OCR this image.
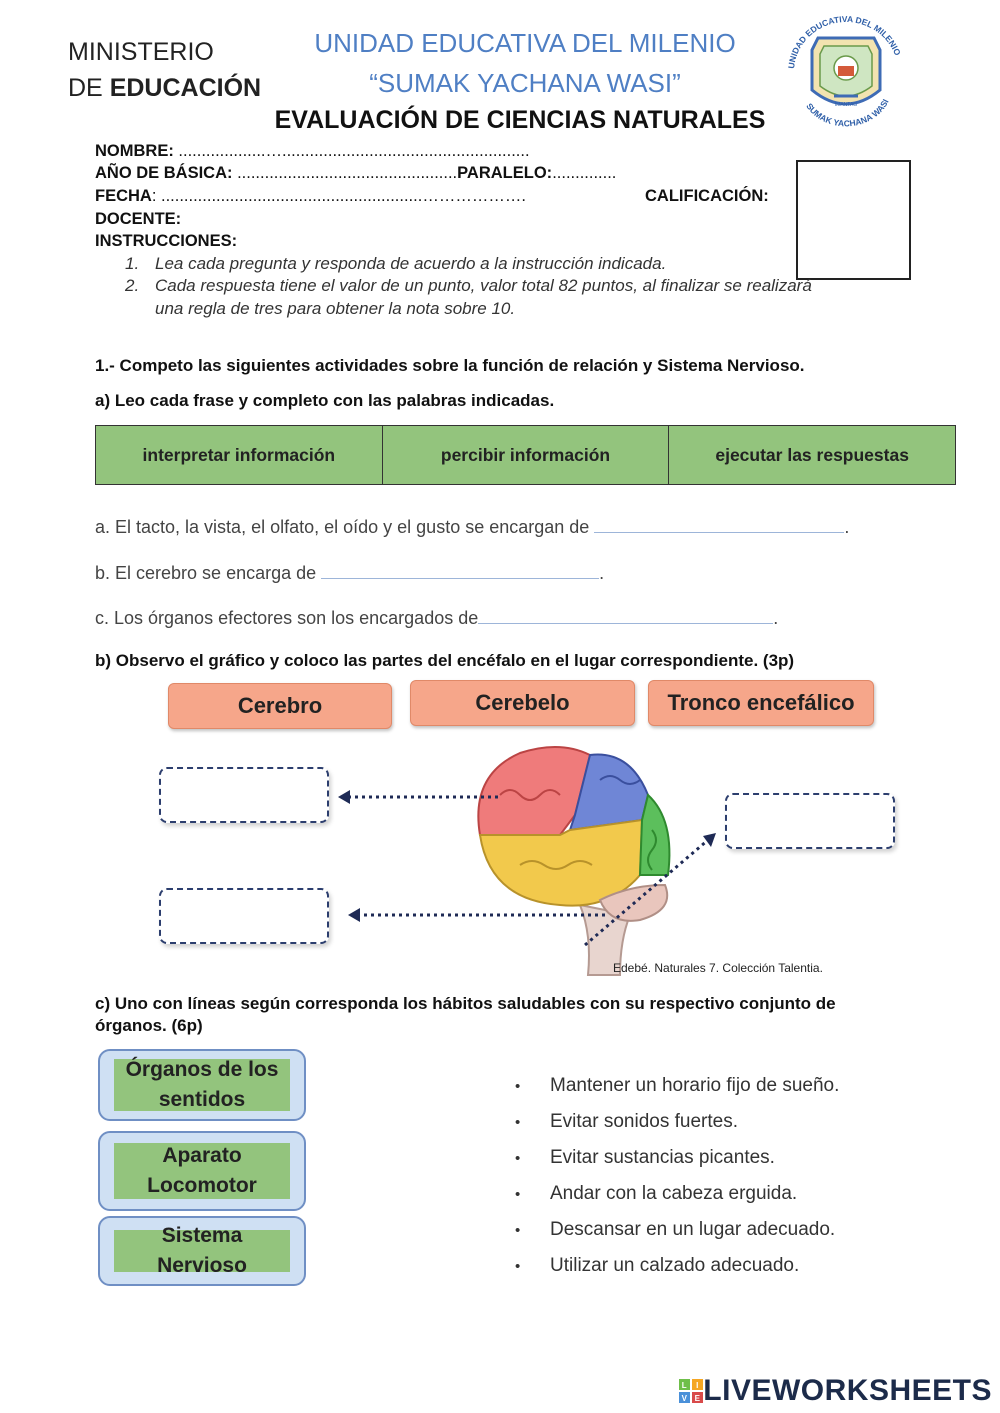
MINISTERIO
DE EDUCACIÓN
UNIDAD EDUCATIVA DEL MILENIO
“SUMAK YACHANA WASI”
UNIDAD EDUCATIVA DEL MILENIO
IMANTAG
SUMAK YACHANA WASI
EVALUACIÓN DE CIENCIAS NATURALES
NOMBRE: ...................…......................................................
AÑO DE BÁSICA: ................................................PARALELO:..............
FECHA: .........................................................……………….	CALIFICACIÓN:
DOCENTE:
INSTRUCCIONES:
1. Lea cada pregunta y responda de acuerdo a la instrucción indicada.
2. Cada respuesta tiene el valor de un punto, valor total 82 puntos, al finalizar se realizará
una regla de tres para obtener la nota sobre 10.
1.- Competo las siguientes actividades sobre la función de relación y Sistema Nervioso.
a) Leo cada frase y completo con las palabras indicadas.
interpretar información	percibir información	ejecutar las respuestas
a. El tacto, la vista, el olfato, el oído y el gusto se encargan de	.
b. El cerebro se encarga de	.
c. Los órganos efectores son los encargados de	.
b) Observo el gráfico y coloco las partes del encéfalo en el lugar correspondiente. (3p)
Cerebro	Cerebelo	Tronco encefálico
Edebé. Naturales 7. Colección Talentia.
c) Uno con líneas según corresponda los hábitos saludables con su respectivo conjunto de
órganos. (6p)
Órganos de los
sentidos
Aparato
Locomotor
Sistema Nervioso
• Mantener un horario fijo de sueño.
• Evitar sonidos fuertes.
• Evitar sustancias picantes.
• Andar con la cabeza erguida.
• Descansar en un lugar adecuado.
• Utilizar un calzado adecuado.
L I
V E LIVEWORKSHEETS
